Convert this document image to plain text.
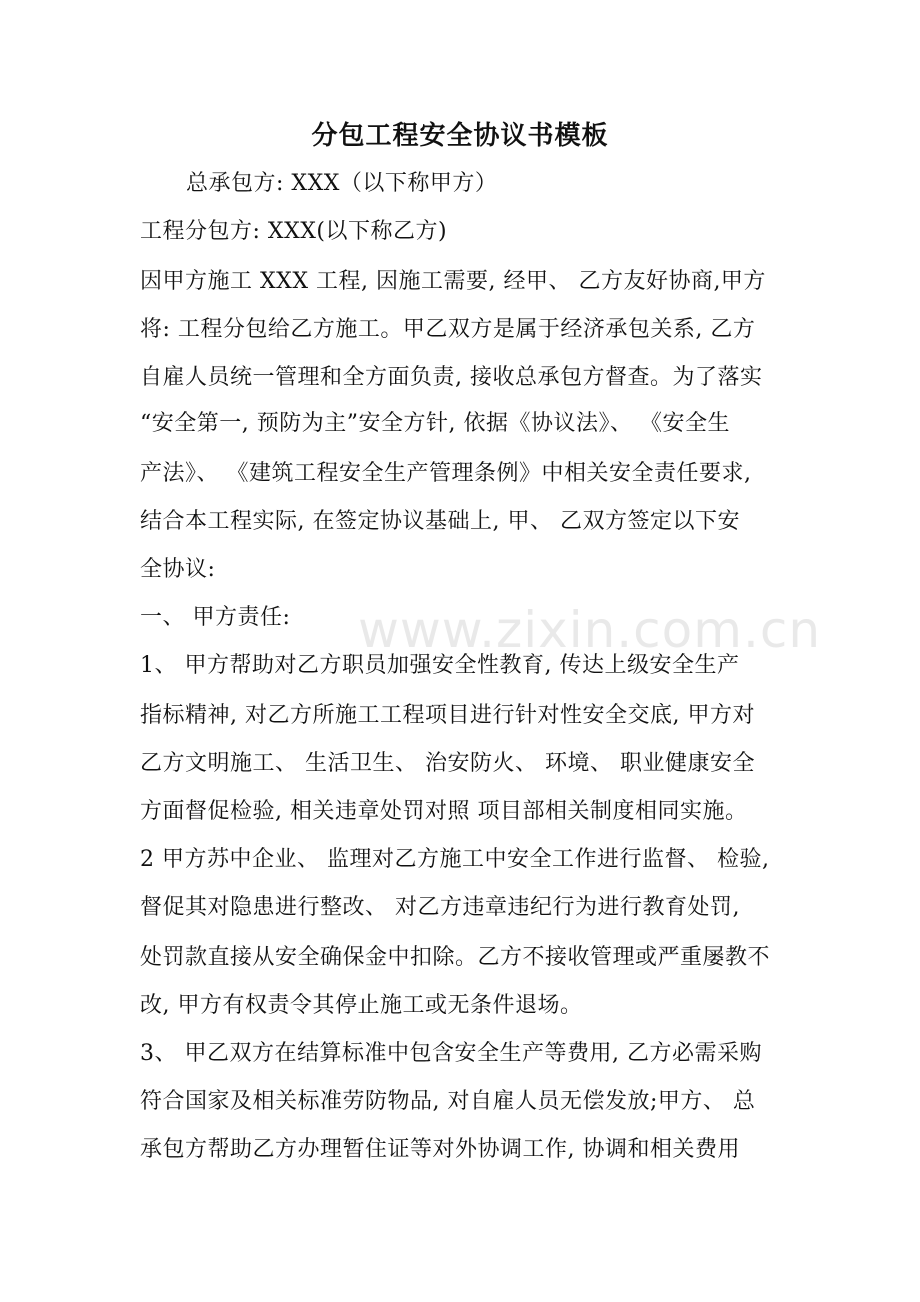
分包工程安全协议书模板
总承包方: XXX（以下称甲方）
工程分包方: XXX(以下称乙方)
因甲方施工 XXX 工程, 因施工需要, 经甲、 乙方友好协商,甲方
将: 工程分包给乙方施工。甲乙双方是属于经济承包关系, 乙方
自雇人员统一管理和全方面负责, 接收总承包方督查。为了落实
“安全第一, 预防为主”安全方针, 依据《协议法》、 《安全生
产法》、 《建筑工程安全生产管理条例》中相关安全责任要求,
结合本工程实际, 在签定协议基础上, 甲、 乙双方签定以下安
全协议:
一、 甲方责任:
1、 甲方帮助对乙方职员加强安全性教育, 传达上级安全生产
指标精神, 对乙方所施工工程项目进行针对性安全交底, 甲方对
乙方文明施工、 生活卫生、 治安防火、 环境、 职业健康安全
方面督促检验, 相关违章处罚对照 项目部相关制度相同实施。
2 甲方苏中企业、 监理对乙方施工中安全工作进行监督、 检验,
督促其对隐患进行整改、 对乙方违章违纪行为进行教育处罚,
处罚款直接从安全确保金中扣除。乙方不接收管理或严重屡教不
改, 甲方有权责令其停止施工或无条件退场。
3、 甲乙双方在结算标准中包含安全生产等费用, 乙方必需采购
符合国家及相关标准劳防物品, 对自雇人员无偿发放;甲方、 总
承包方帮助乙方办理暂住证等对外协调工作, 协调和相关费用
www.zixin.com.cn
